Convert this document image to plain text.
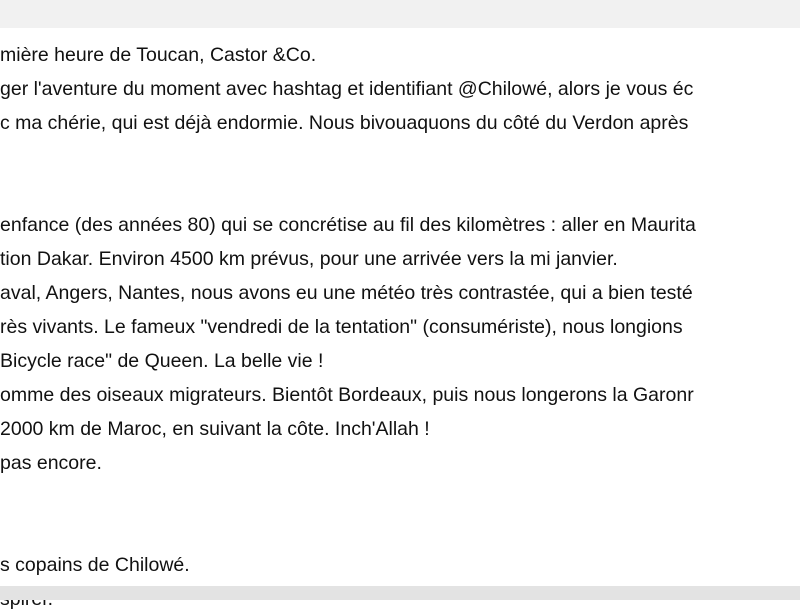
mière heure de Toucan, Castor &Co.
ger l'aventure du moment avec hashtag et identifiant @Chilowé, alors je vous éc
c ma chérie, qui est déjà endormie. Nous bivouaquons du côté du Verdon après
enfance (des années 80) qui se concrétise au fil des kilomètres : aller en Maurita
tion Dakar. Environ 4500 km prévus, pour une arrivée vers la mi janvier.
aval, Angers, Nantes, nous avons eu une météo très contrastée, qui a bien testé
rès vivants. Le fameux "vendredi de la tentation" (consumériste), nous longions
Bicycle race" de Queen. La belle vie !
omme des oiseaux migrateurs. Bientôt Bordeaux, puis nous longerons la Garonr
2000 km de Maroc, en suivant la côte. Inch'Allah !
pas encore.
s copains de Chilowé.
